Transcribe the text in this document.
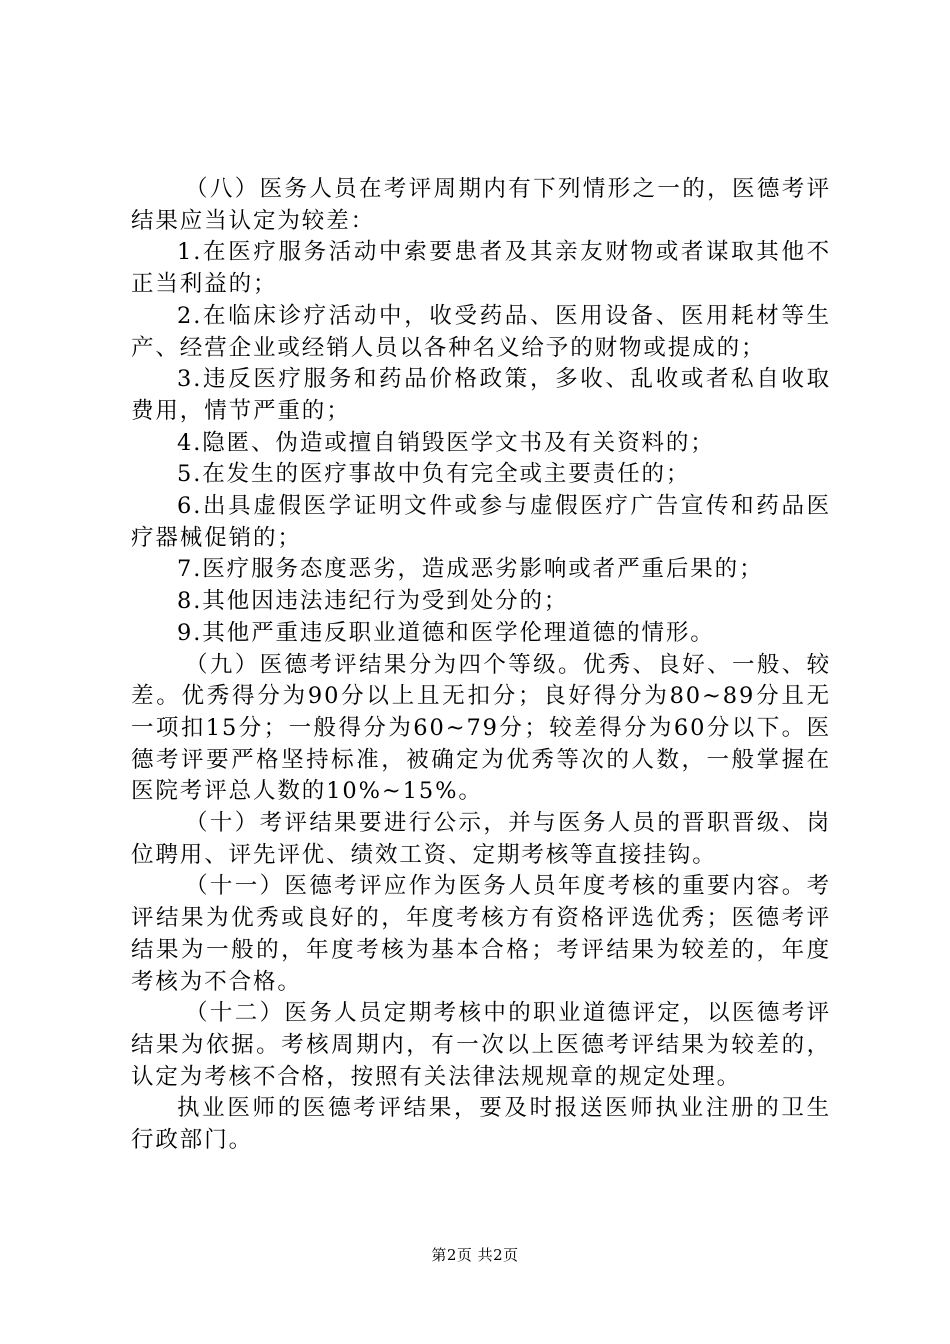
（八）医务人员在考评周期内有下列情形之一的，医德考评结果应当认定为较差：

1.在医疗服务活动中索要患者及其亲友财物或者谋取其他不正当利益的；

2.在临床诊疗活动中，收受药品、医用设备、医用耗材等生产、经营企业或经销人员以各种名义给予的财物或提成的；

3.违反医疗服务和药品价格政策，多收、乱收或者私自收取费用，情节严重的；

4.隐匿、伪造或擅自销毁医学文书及有关资料的；

5.在发生的医疗事故中负有完全或主要责任的；

6.出具虚假医学证明文件或参与虚假医疗广告宣传和药品医疗器械促销的；

7.医疗服务态度恶劣，造成恶劣影响或者严重后果的；

8.其他因违法违纪行为受到处分的；

9.其他严重违反职业道德和医学伦理道德的情形。

（九）医德考评结果分为四个等级。优秀、良好、一般、较差。优秀得分为90分以上且无扣分；良好得分为80~89分且无一项扣15分；一般得分为60~79分；较差得分为60分以下。医德考评要严格坚持标准，被确定为优秀等次的人数，一般掌握在医院考评总人数的10%~15%。

（十）考评结果要进行公示，并与医务人员的晋职晋级、岗位聘用、评先评优、绩效工资、定期考核等直接挂钩。

（十一）医德考评应作为医务人员年度考核的重要内容。考评结果为优秀或良好的，年度考核方有资格评选优秀；医德考评结果为一般的，年度考核为基本合格；考评结果为较差的，年度考核为不合格。

（十二）医务人员定期考核中的职业道德评定，以医德考评结果为依据。考核周期内，有一次以上医德考评结果为较差的，认定为考核不合格，按照有关法律法规规章的规定处理。

执业医师的医德考评结果，要及时报送医师执业注册的卫生行政部门。

第2页 共2页
